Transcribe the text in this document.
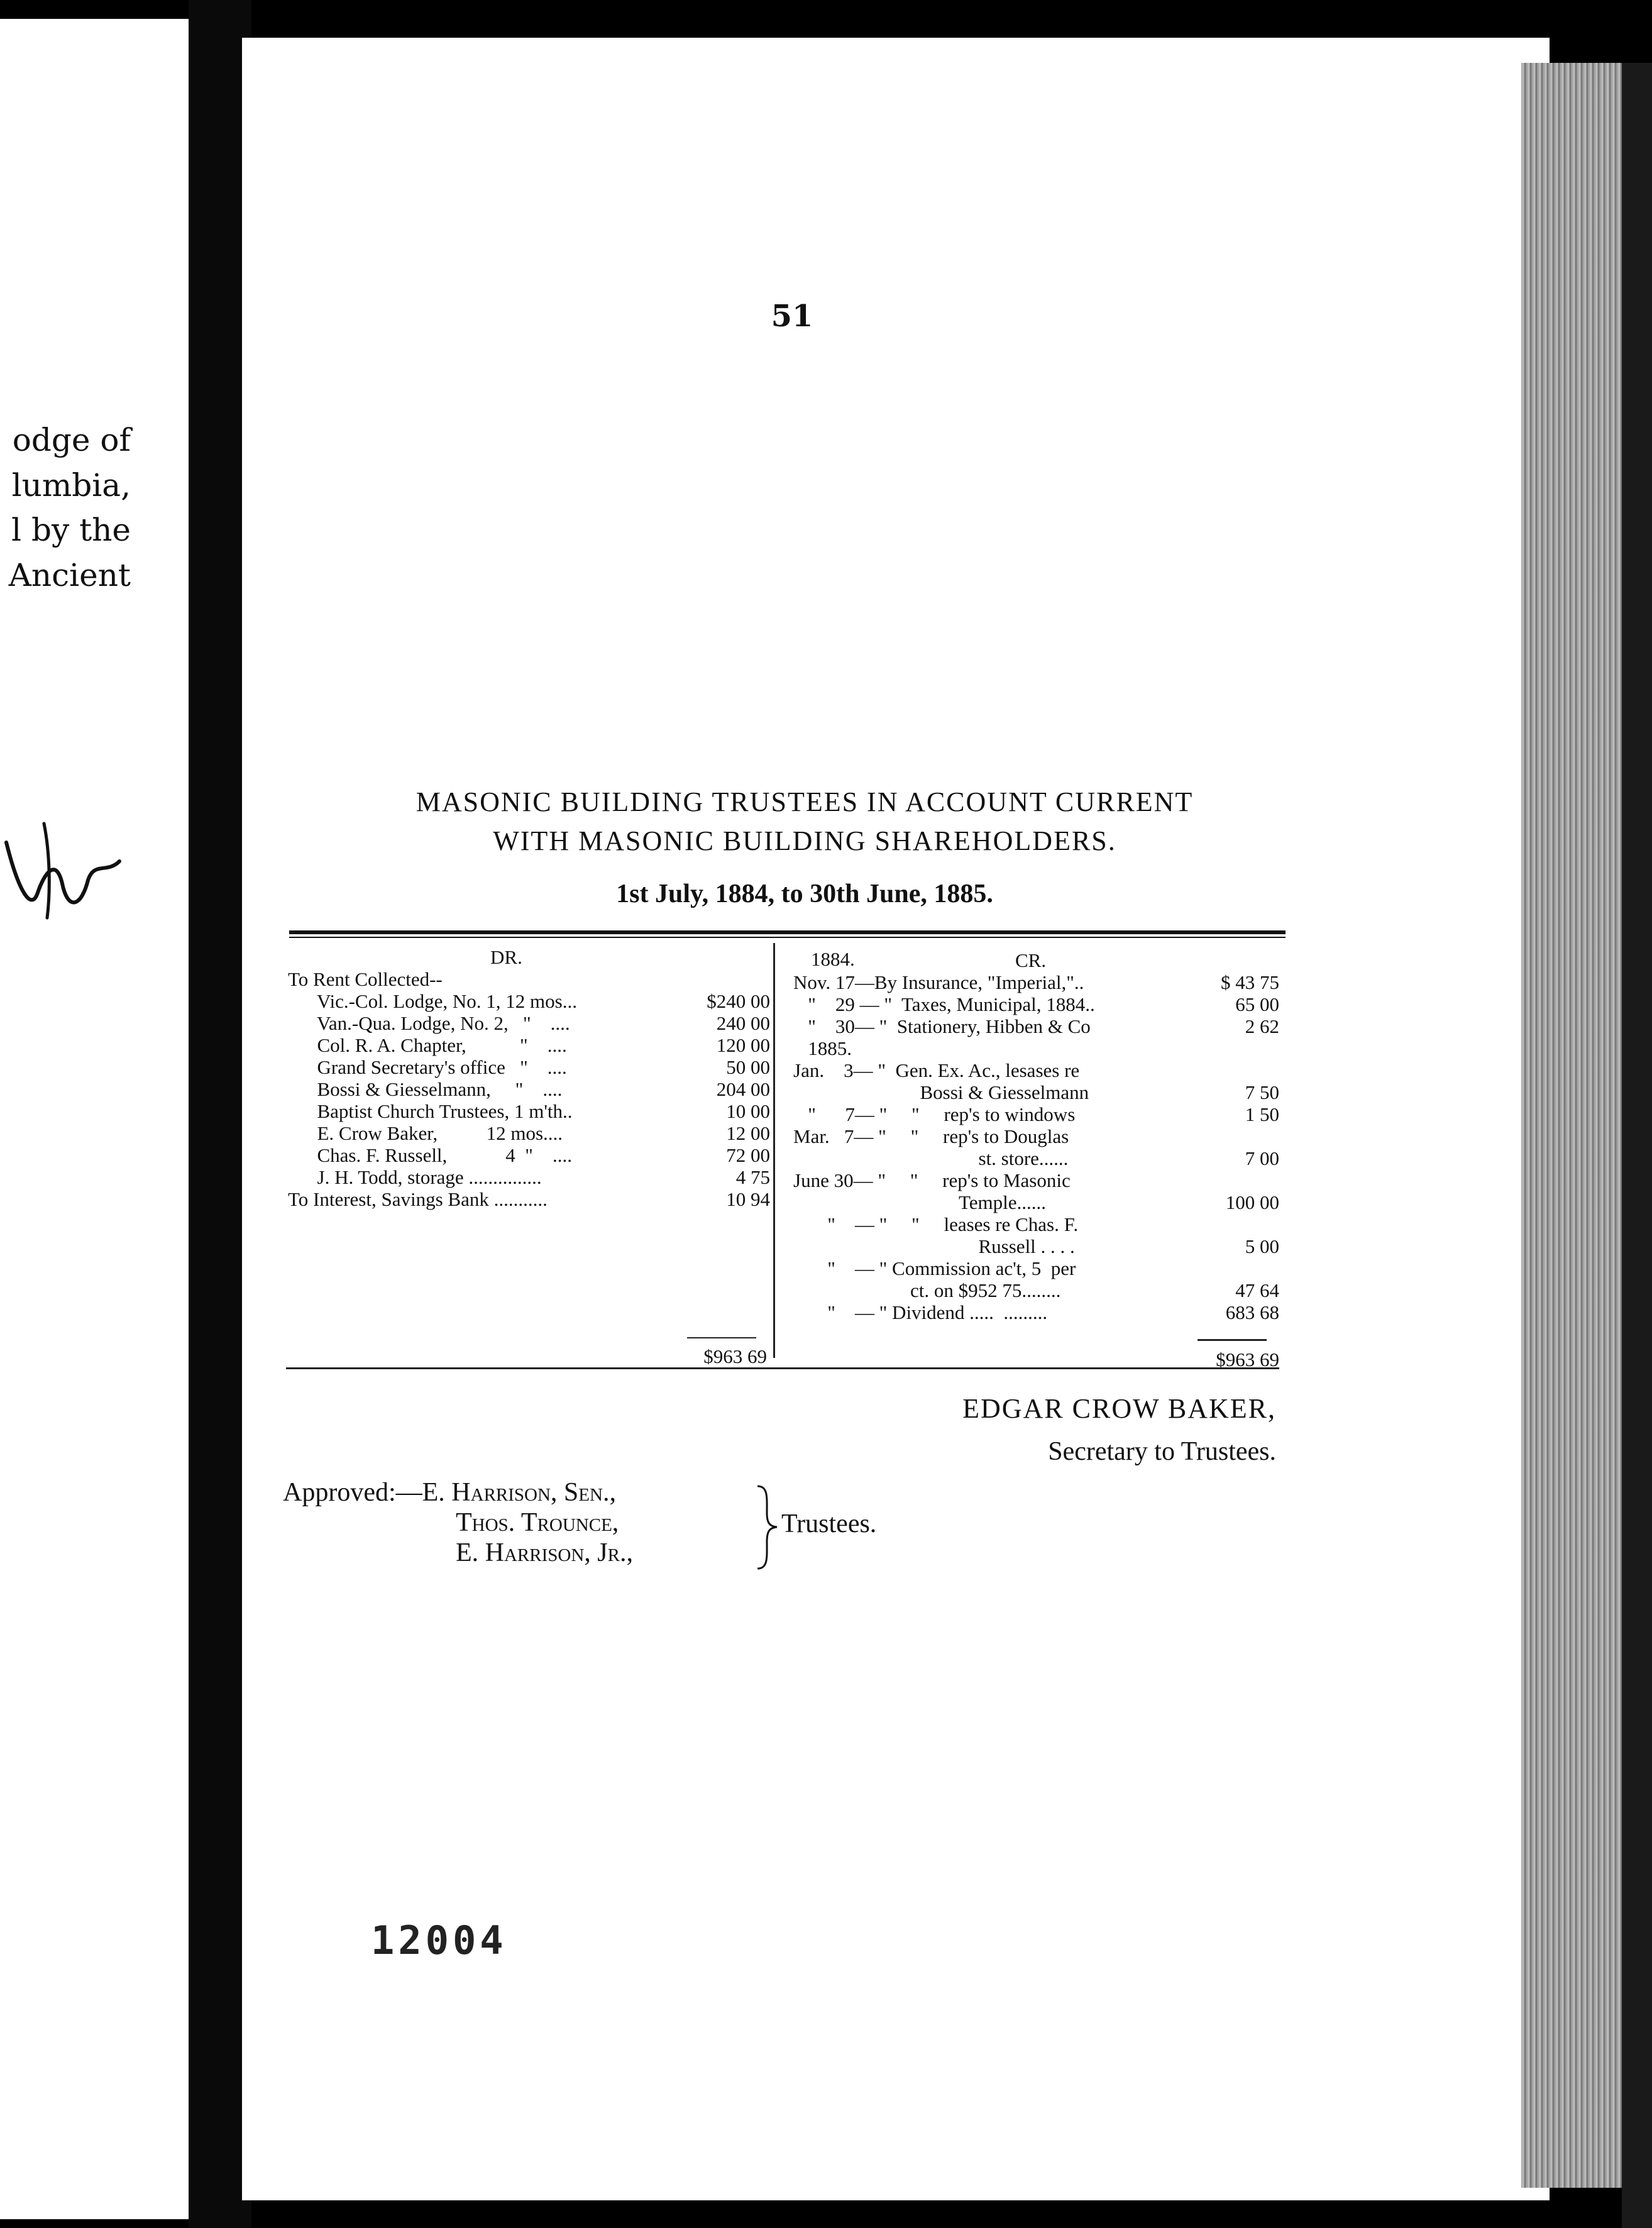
odge of
lumbia,
l by the
Ancient
51
MASONIC BUILDING TRUSTEES IN ACCOUNT CURRENT
WITH MASONIC BUILDING SHAREHOLDERS.
1st July, 1884, to 30th June, 1885.
DR.	1884.	CR.
To Rent Collected--
Vic.-Col. Lodge, No. 1, 12 mos...	$240 00
Van.-Qua. Lodge, No. 2,   "    ....	240 00
Col. R. A. Chapter,           "    ....	120 00
Grand Secretary's office   "    ....	50 00
Bossi & Giesselmann,     "    ....	204 00
Baptist Church Trustees, 1 m'th..	10 00
E. Crow Baker,          12 mos....	12 00
Chas. F. Russell,            4  "    ....	72 00
J. H. Todd, storage ...............	4 75
To Interest, Savings Bank ...........	10 94
Nov. 17—By Insurance, "Imperial,"..	$ 43 75
"    29 — "  Taxes, Municipal, 1884..	65 00
"    30— "  Stationery, Hibben & Co	2 62
1885.
Jan.    3— "  Gen. Ex. Ac., lesases re
Bossi & Giesselmann	7 50
"      7— "     "     rep's to windows	1 50
Mar.   7— "     "     rep's to Douglas
st. store......	7 00
June 30— "     "     rep's to Masonic
Temple......	100 00
"    — "     "     leases re Chas. F.
Russell . . . .	5 00
"    — " Commission ac't, 5  per
ct. on $952 75........	47 64
"    — " Dividend .....  .........	683 68
$963 69	$963 69
EDGAR CROW BAKER,
Secretary to Trustees.
Approved:—E. Harrison, Sen.,
Thos. Trounce,
E. Harrison, Jr.,
Trustees.
12004
